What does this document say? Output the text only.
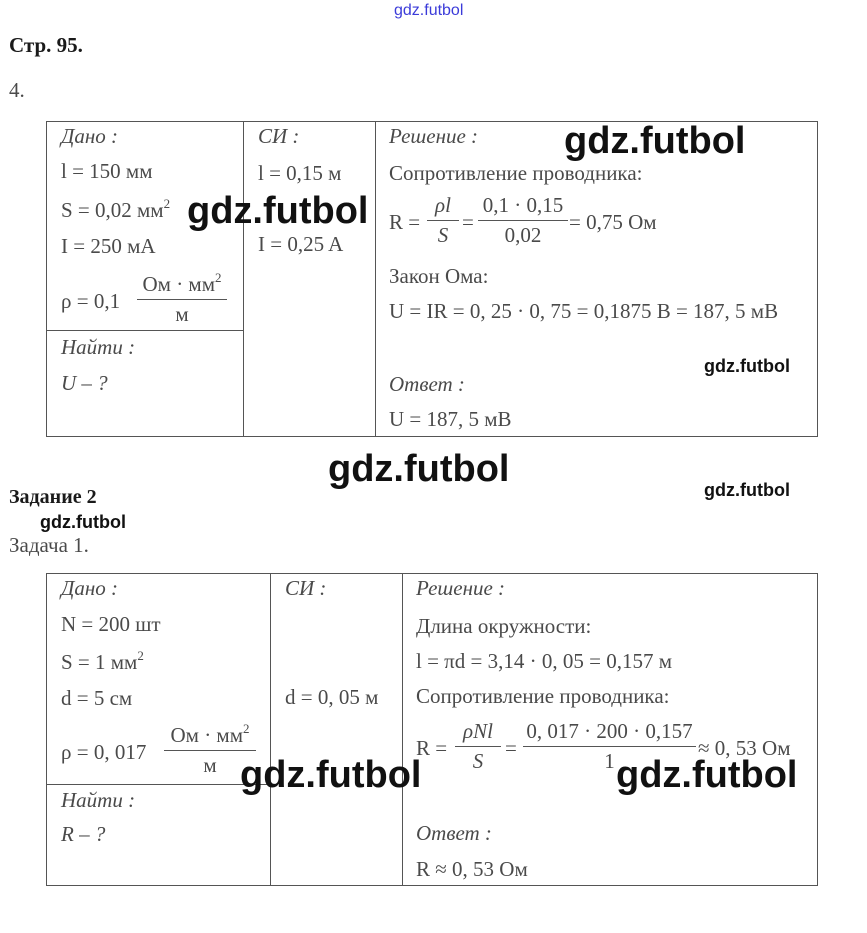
gdz.futbol
Стр. 95.
4.
Дано :
l = 150 мм
S = 0,02 $мм^2$
I = 250 мА
ρ = 0,1
Ом · $мм^2$
м
Найти :
U – ?
СИ :
l = 0,15 м
I = 0,25 A
Решение :
Сопротивление проводника:
$R = \frac{\rho l}{S} = \frac{0,1 \cdot 0,15}{0,02} = 0,75$ Ом
Закон Ома:
U = IR = 0, 25 · 0, 75 = 0,1875 B = 187, 5 мВ
Ответ :
U = 187, 5 мВ
gdz.futbol
gdz.futbol
gdz.futbol
gdz.futbol	gdz.futbol
Задание 2
gdz.futbol
Задача 1.
Дано :
N = 200 шт
S = 1 $мм^2$
d = 5 см
ρ = 0, 017
Ом · $мм^2$
м
Найти :
R – ?
СИ :
d = 0, 05 м
Решение :
Длина окружности:
l = πd = 3,14 · 0, 05 = 0,157 м
Сопротивление проводника:
R =
ρNl
S
= $\frac{0, 017 \cdot 200 \cdot 0,157}{1} \approx 0$, 53 Ом
Ответ :
R ≈ 0, 53 Ом
gdz.futbol	gdz.futbol
